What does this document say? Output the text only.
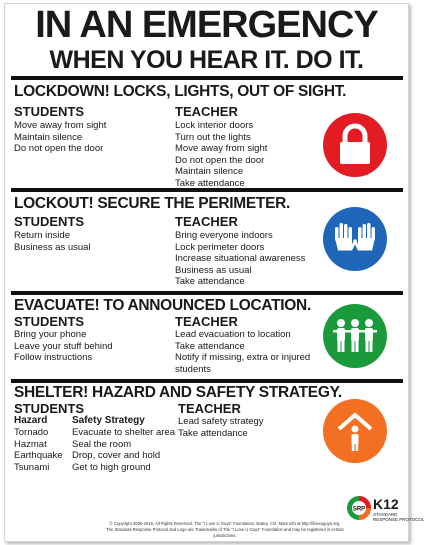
IN AN EMERGENCY
WHEN YOU HEAR IT. DO IT.
LOCKDOWN! LOCKS, LIGHTS, OUT OF SIGHT.
STUDENTS
Move away from sight
Maintain silence
Do not open the door
TEACHER
Lock interior doors
Turn out the lights
Move away from sight
Do not open the door
Maintain silence
Take attendance
LOCKOUT! SECURE THE PERIMETER.
STUDENTS
Return inside
Business as usual
TEACHER
Bring everyone indoors
Lock perimeter doors
Increase situational awareness
Business as usual
Take attendance
EVACUATE! TO ANNOUNCED LOCATION.
STUDENTS
Bring your phone
Leave your stuff behind
Follow instructions
TEACHER
Lead evacuation to location
Take attendance
Notify if missing, extra or injured
students
SHELTER! HAZARD AND SAFETY STRATEGY.
STUDENTS
Hazard Safety Strategy
Tornado
Hazmat
Earthquake
Tsunami
Evacuate to shelter area
Seal the room
Drop, cover and hold
Get to high ground
TEACHER
Lead safety strategy
Take attendance
© Copyright 2009-2015, All Rights Reserved. The "I Love U Guys" Foundation. Bailey, CO. More info at http://iloveuguys.org.
The Standard Response Protocol and Logo are Trademarks of The "I Love U Guys" Foundation and may be registered in certain jurisdictions.
SRP K12
STANDARD
RESPONSE PROTOCOL
